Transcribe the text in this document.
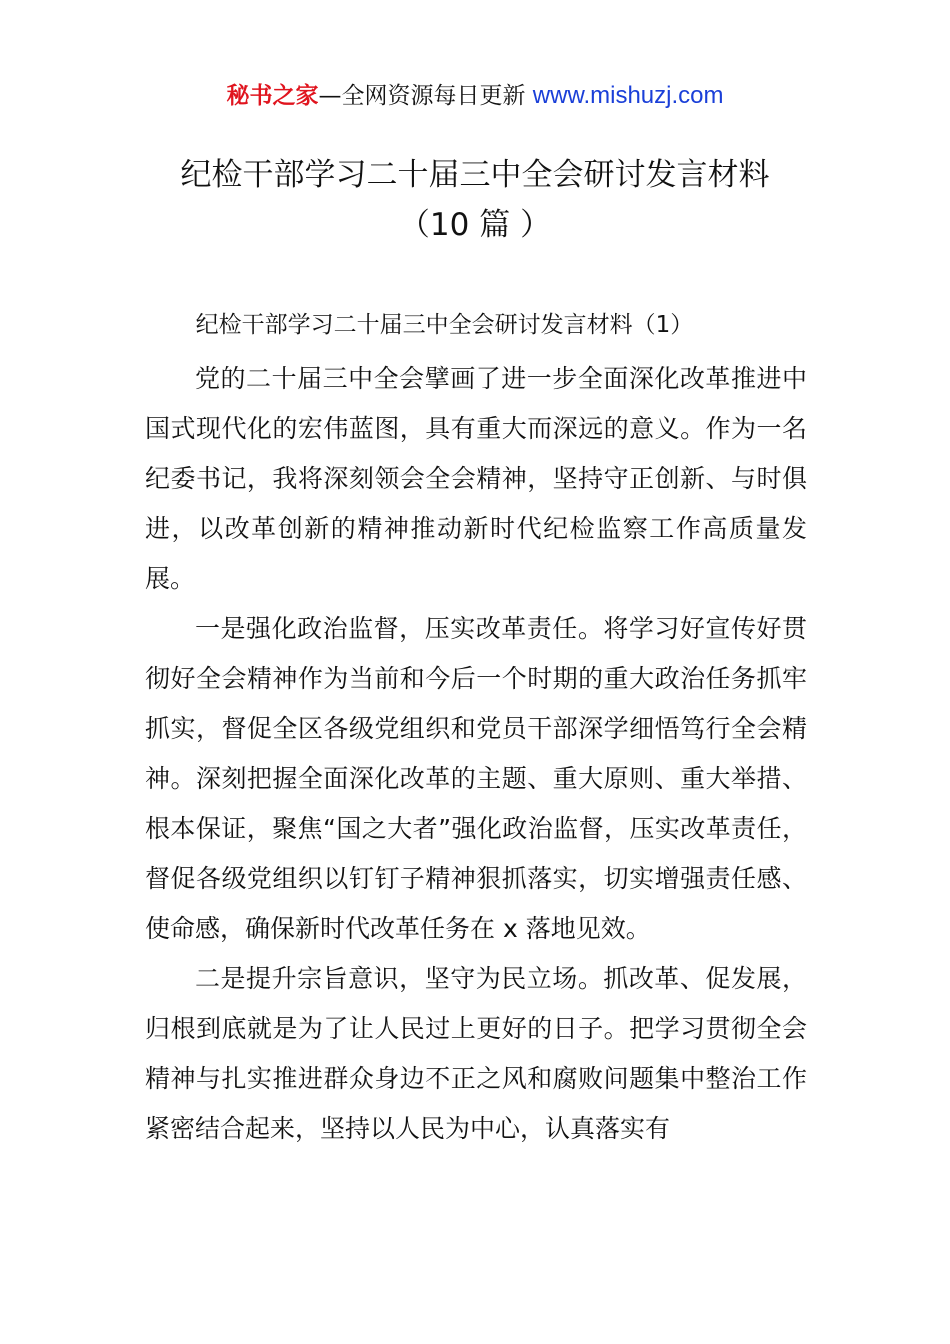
秘书之家—全网资源每日更新 www.mishuzj.com
纪检干部学习二十届三中全会研讨发言材料
（10 篇 ）

纪检干部学习二十届三中全会研讨发言材料（1）

党的二十届三中全会擘画了进一步全面深化改革推进中国式现代化的宏伟蓝图，具有重大而深远的意义。作为一名纪委书记，我将深刻领会全会精神，坚持守正创新、与时俱进，以改革创新的精神推动新时代纪检监察工作高质量发展。

一是强化政治监督，压实改革责任。将学习好宣传好贯彻好全会精神作为当前和今后一个时期的重大政治任务抓牢抓实，督促全区各级党组织和党员干部深学细悟笃行全会精神。深刻把握全面深化改革的主题、重大原则、重大举措、根本保证，聚焦“国之大者”强化政治监督，压实改革责任，督促各级党组织以钉钉子精神狠抓落实，切实增强责任感、使命感，确保新时代改革任务在 x 落地见效。

二是提升宗旨意识，坚守为民立场。抓改革、促发展，归根到底就是为了让人民过上更好的日子。把学习贯彻全会精神与扎实推进群众身边不正之风和腐败问题集中整治工作紧密结合起来，坚持以人民为中心，认真落实有
